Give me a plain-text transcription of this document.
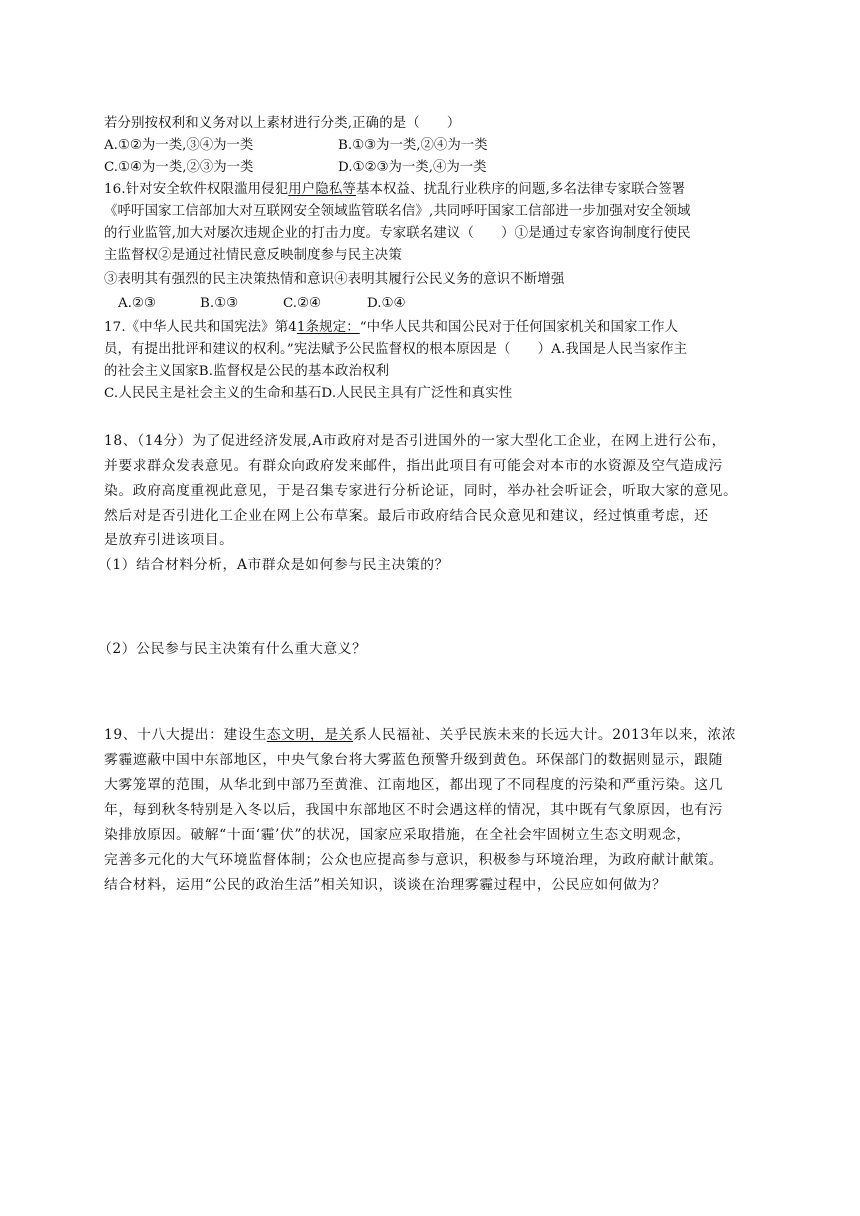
若分别按权利和义务对以上素材进行分类,正确的是（　　）
A.①②为一类,③④为一类	B.①③为一类,②④为一类
C.①④为一类,②③为一类	D.①②③为一类,④为一类
16.针对安全软件权限滥用侵犯用户隐私等基本权益、扰乱行业秩序的问题,多名法律专家联合签署
《呼吁国家工信部加大对互联网安全领域监管联名信》,共同呼吁国家工信部进一步加强对安全领域
的行业监管,加大对屡次违规企业的打击力度。专家联名建议（　　）①是通过专家咨询制度行使民
主监督权②是通过社情民意反映制度参与民主决策
③表明其有强烈的民主决策热情和意识④表明其履行公民义务的意识不断增强
A.②③	B.①③	C.②④	D.①④
17.《中华人民共和国宪法》第41条规定：“中华人民共和国公民对于任何国家机关和国家工作人
员，有提出批评和建议的权利。”宪法赋予公民监督权的根本原因是（　　）A.我国是人民当家作主
的社会主义国家B.监督权是公民的基本政治权利
C.人民民主是社会主义的生命和基石D.人民民主具有广泛性和真实性
18、（14分）为了促进经济发展,A市政府对是否引进国外的一家大型化工企业，在网上进行公布，
并要求群众发表意见。有群众向政府发来邮件，指出此项目有可能会对本市的水资源及空气造成污
染。政府高度重视此意见，于是召集专家进行分析论证，同时，举办社会听证会，听取大家的意见。
然后对是否引进化工企业在网上公布草案。最后市政府结合民众意见和建议，经过慎重考虑，还
是放弃引进该项目。
（1）结合材料分析，A市群众是如何参与民主决策的？
（2）公民参与民主决策有什么重大意义？
19、十八大提出：建设生态文明，是关系人民福祉、关乎民族未来的长远大计。2013年以来，浓浓
雾霾遮蔽中国中东部地区，中央气象台将大雾蓝色预警升级到黄色。环保部门的数据则显示，跟随
大雾笼罩的范围，从华北到中部乃至黄淮、江南地区，都出现了不同程度的污染和严重污染。这几
年，每到秋冬特别是入冬以后，我国中东部地区不时会遇这样的情况，其中既有气象原因，也有污
染排放原因。破解“十面‘霾’伏”的状况，国家应采取措施，在全社会牢固树立生态文明观念，
完善多元化的大气环境监督体制；公众也应提高参与意识，积极参与环境治理，为政府献计献策。
结合材料，运用“公民的政治生活”相关知识，谈谈在治理雾霾过程中，公民应如何做为？
